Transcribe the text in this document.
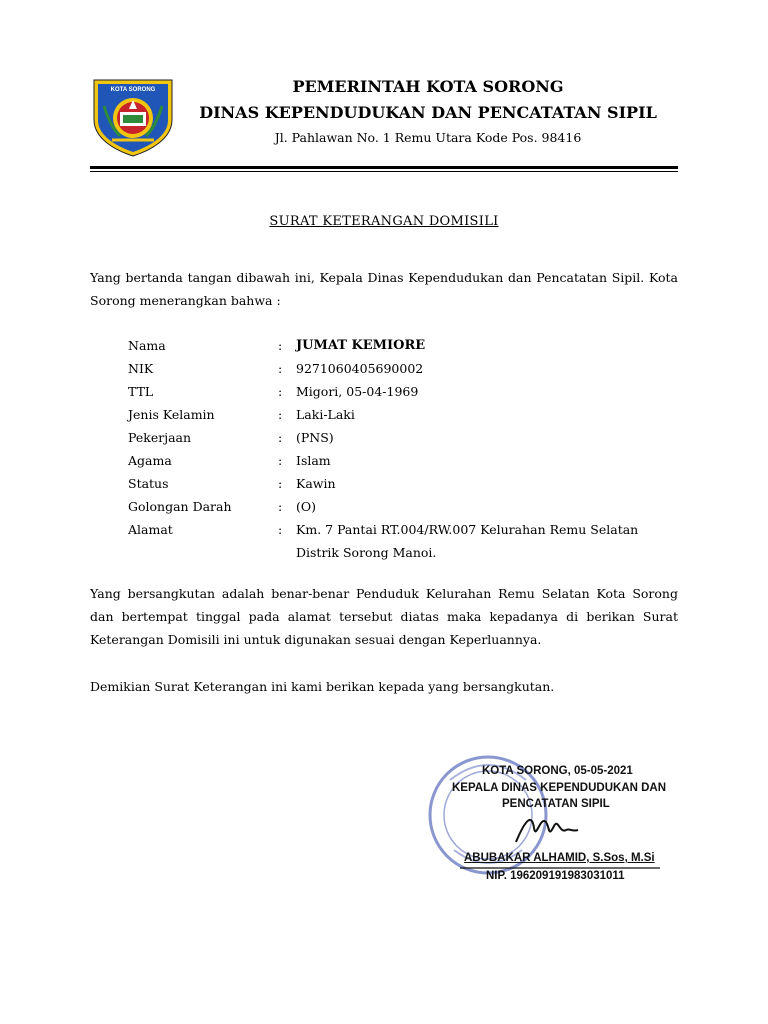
KOTA SORONG	PEMERINTAH KOTA SORONG

DINAS KEPENDUDUKAN DAN PENCATATAN SIPIL

Jl. Pahlawan No. 1 Remu Utara Kode Pos. 98416

SURAT KETERANGAN DOMISILI
Yang bertanda tangan dibawah ini, Kepala Dinas Kependudukan dan Pencatatan Sipil. Kota Sorong menerangkan bahwa :
Nama	:	JUMAT KEMIORE
NIK	:	9271060405690002
TTL	:	Migori, 05-04-1969
Jenis Kelamin	:	Laki-Laki
Pekerjaan	:	(PNS)
Agama	:	Islam
Status	:	Kawin
Golongan Darah	:	(O)
Alamat	:	Km. 7 Pantai RT.004/RW.007 Kelurahan Remu Selatan Distrik Sorong Manoi.
Yang bersangkutan adalah benar-benar Penduduk Kelurahan Remu Selatan Kota Sorong dan bertempat tinggal pada alamat tersebut diatas maka kepadanya di berikan Surat Keterangan Domisili ini untuk digunakan sesuai dengan Keperluannya.
Demikian Surat Keterangan ini kami berikan kepada yang bersangkutan.
KOTA SORONG, 05-05-2021
KEPALA DINAS KEPENDUDUKAN DAN
PENCATATAN SIPIL
ABUBAKAR ALHAMID, S.Sos, M.Si
NIP. 196209191983031011
